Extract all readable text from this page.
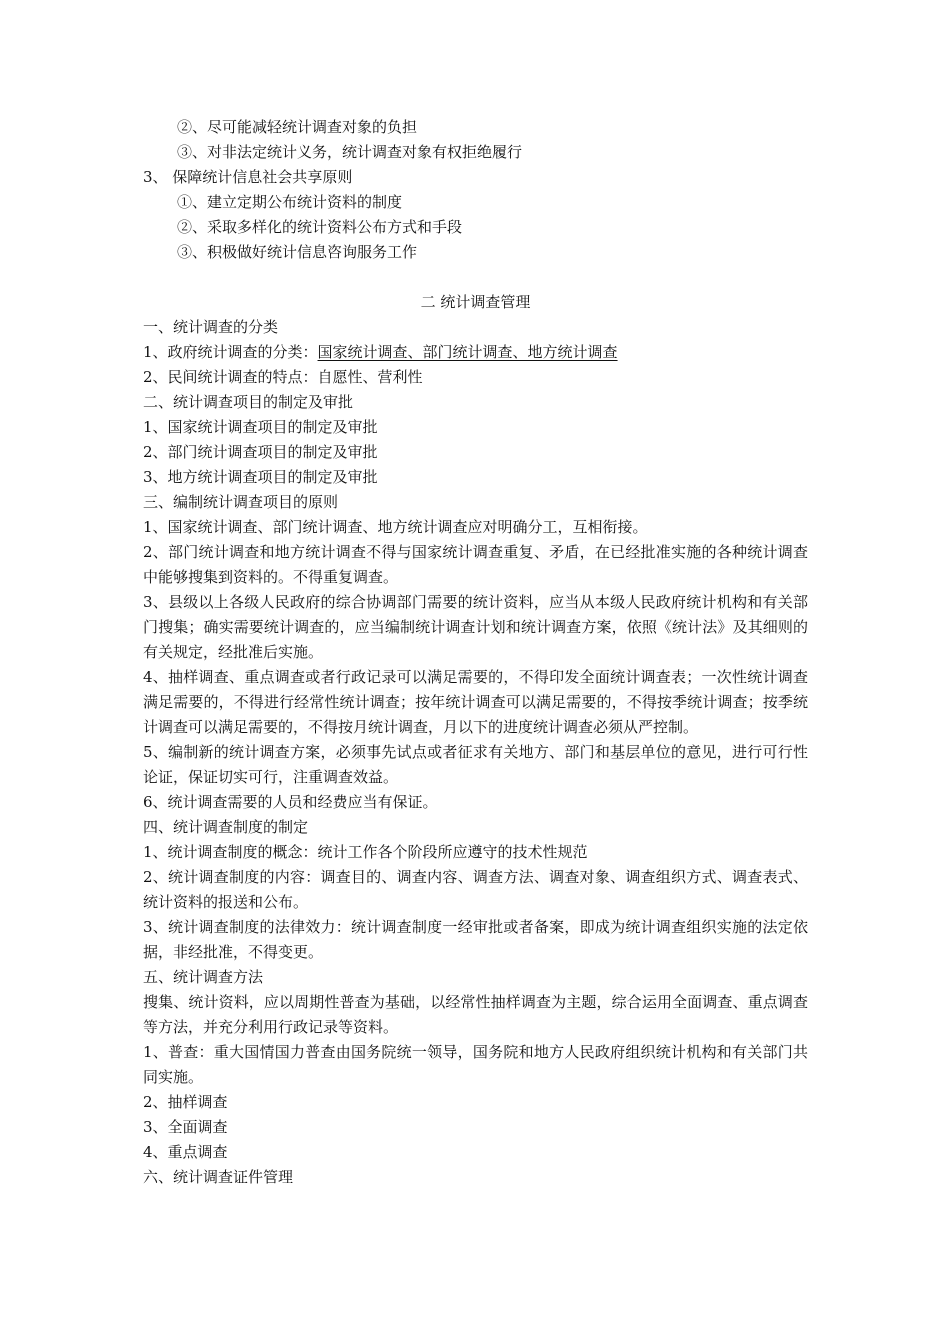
②、尽可能减轻统计调查对象的负担

③、对非法定统计义务，统计调查对象有权拒绝履行

3、 保障统计信息社会共享原则

①、建立定期公布统计资料的制度

②、采取多样化的统计资料公布方式和手段

③、积极做好统计信息咨询服务工作

二 统计调查管理

一、统计调查的分类

1、政府统计调查的分类：国家统计调查、部门统计调查、地方统计调查

2、民间统计调查的特点：自愿性、营利性

二、统计调查项目的制定及审批

1、国家统计调查项目的制定及审批

2、部门统计调查项目的制定及审批

3、地方统计调查项目的制定及审批

三、编制统计调查项目的原则

1、国家统计调查、部门统计调查、地方统计调查应对明确分工，互相衔接。

2、部门统计调查和地方统计调查不得与国家统计调查重复、矛盾，在已经批准实施的各种统计调查中能够搜集到资料的。不得重复调查。

3、县级以上各级人民政府的综合协调部门需要的统计资料，应当从本级人民政府统计机构和有关部门搜集；确实需要统计调查的，应当编制统计调查计划和统计调查方案，依照《统计法》及其细则的有关规定，经批准后实施。

4、抽样调查、重点调查或者行政记录可以满足需要的，不得印发全面统计调查表；一次性统计调查满足需要的，不得进行经常性统计调查；按年统计调查可以满足需要的，不得按季统计调查；按季统计调查可以满足需要的，不得按月统计调查，月以下的进度统计调查必须从严控制。

5、编制新的统计调查方案，必须事先试点或者征求有关地方、部门和基层单位的意见，进行可行性论证，保证切实可行，注重调查效益。

6、统计调查需要的人员和经费应当有保证。

四、统计调查制度的制定

1、统计调查制度的概念：统计工作各个阶段所应遵守的技术性规范

2、统计调查制度的内容：调查目的、调查内容、调查方法、调查对象、调查组织方式、调查表式、统计资料的报送和公布。

3、统计调查制度的法律效力：统计调查制度一经审批或者备案，即成为统计调查组织实施的法定依据，非经批准，不得变更。

五、统计调查方法

搜集、统计资料，应以周期性普查为基础，以经常性抽样调查为主题，综合运用全面调查、重点调查等方法，并充分利用行政记录等资料。

1、普查：重大国情国力普查由国务院统一领导，国务院和地方人民政府组织统计机构和有关部门共同实施。

2、抽样调查

3、全面调查

4、重点调查

六、统计调查证件管理
